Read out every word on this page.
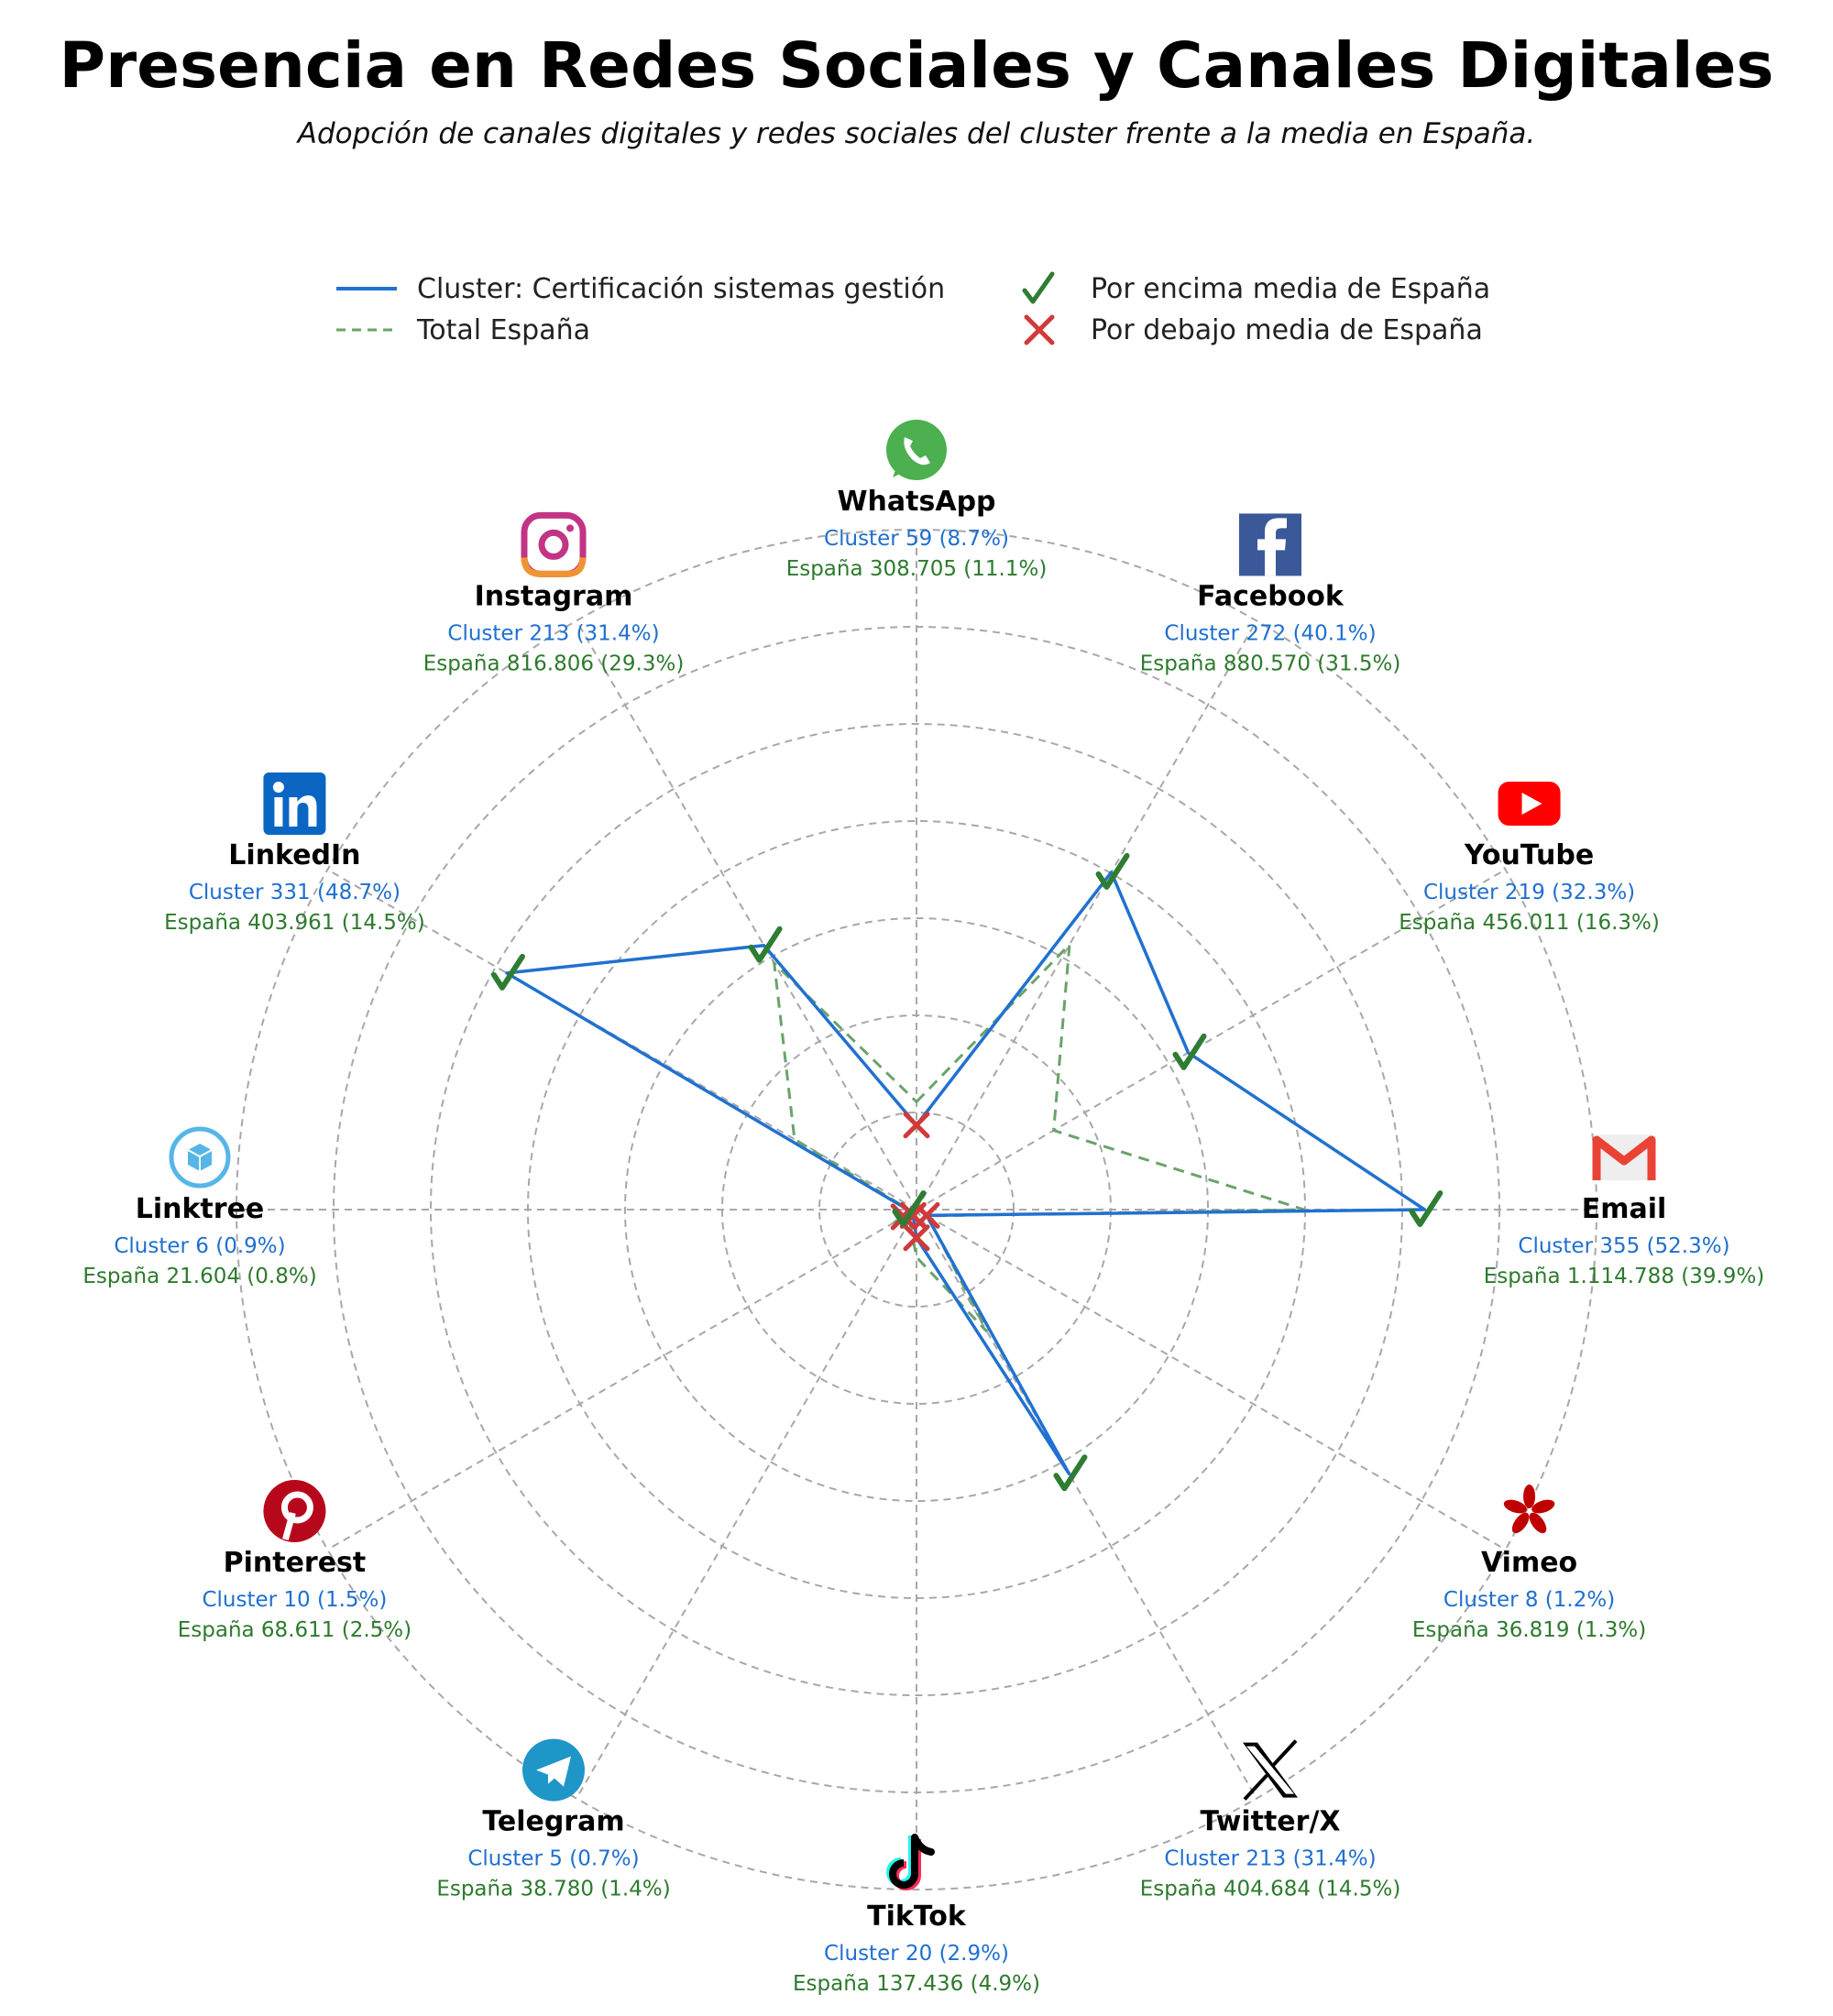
Presencia en Redes Sociales y Canales Digitales
Adopción de canales digitales y redes sociales del cluster frente a la media en España.
Cluster: Certificación sistemas gestión
Total España
Por encima media de España
Por debajo media de España
WhatsApp
Cluster 59 (8.7%)
España 308.705 (11.1%)
Facebook
Cluster 272 (40.1%)
España 880.570 (31.5%)
YouTube
Cluster 219 (32.3%)
España 456.011 (16.3%)
Email
Cluster 355 (52.3%)
España 1.114.788 (39.9%)
Vimeo
Cluster 8 (1.2%)
España 36.819 (1.3%)
Twitter/X
Cluster 213 (31.4%)
España 404.684 (14.5%)
TikTok
Cluster 20 (2.9%)
España 137.436 (4.9%)
Telegram
Cluster 5 (0.7%)
España 38.780 (1.4%)
Pinterest
Cluster 10 (1.5%)
España 68.611 (2.5%)
Linktree
Cluster 6 (0.9%)
España 21.604 (0.8%)
LinkedIn
Cluster 331 (48.7%)
España 403.961 (14.5%)
Instagram
Cluster 213 (31.4%)
España 816.806 (29.3%)
